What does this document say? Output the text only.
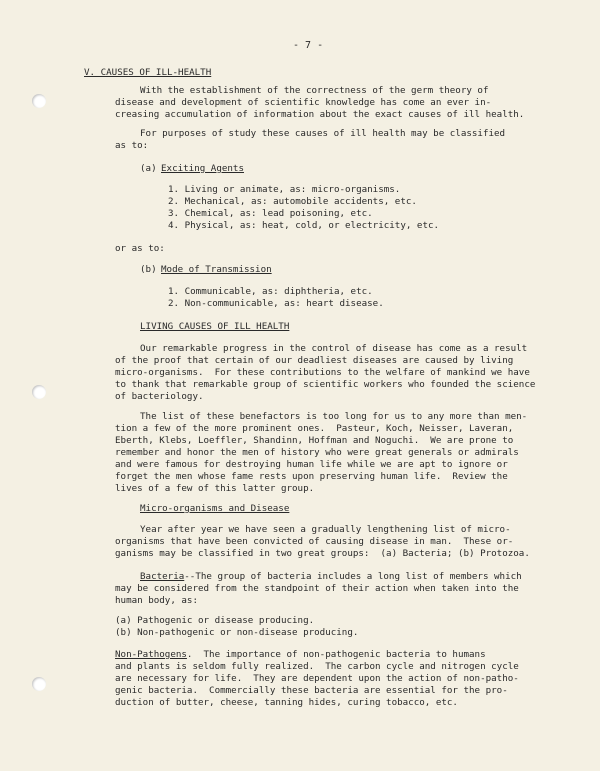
- 7 -
V. CAUSES OF ILL-HEALTH
With the establishment of the correctness of the germ theory of
disease and development of scientific knowledge has come an ever in-
creasing accumulation of information about the exact causes of ill health.
For purposes of study these causes of ill health may be classified
as to:
(a) Exciting Agents
1. Living or animate, as: micro-organisms.
2. Mechanical, as: automobile accidents, etc.
3. Chemical, as: lead poisoning, etc.
4. Physical, as: heat, cold, or electricity, etc.
or as to:
(b) Mode of Transmission
1. Communicable, as: diphtheria, etc.
2. Non-communicable, as: heart disease.
LIVING CAUSES OF ILL HEALTH
Our remarkable progress in the control of disease has come as a result
of the proof that certain of our deadliest diseases are caused by living
micro-organisms.  For these contributions to the welfare of mankind we have
to thank that remarkable group of scientific workers who founded the science
of bacteriology.
The list of these benefactors is too long for us to any more than men-
tion a few of the more prominent ones.  Pasteur, Koch, Neisser, Laveran,
Eberth, Klebs, Loeffler, Shandinn, Hoffman and Noguchi.  We are prone to
remember and honor the men of history who were great generals or admirals
and were famous for destroying human life while we are apt to ignore or
forget the men whose fame rests upon preserving human life.  Review the
lives of a few of this latter group.
Micro-organisms and Disease
Year after year we have seen a gradually lengthening list of micro-
organisms that have been convicted of causing disease in man.  These or-
ganisms may be classified in two great groups:  (a) Bacteria; (b) Protozoa.
Bacteria--The group of bacteria includes a long list of members which
may be considered from the standpoint of their action when taken into the
human body, as:
(a) Pathogenic or disease producing.
(b) Non-pathogenic or non-disease producing.
Non-Pathogens.  The importance of non-pathogenic bacteria to humans
and plants is seldom fully realized.  The carbon cycle and nitrogen cycle
are necessary for life.  They are dependent upon the action of non-patho-
genic bacteria.  Commercially these bacteria are essential for the pro-
duction of butter, cheese, tanning hides, curing tobacco, etc.
